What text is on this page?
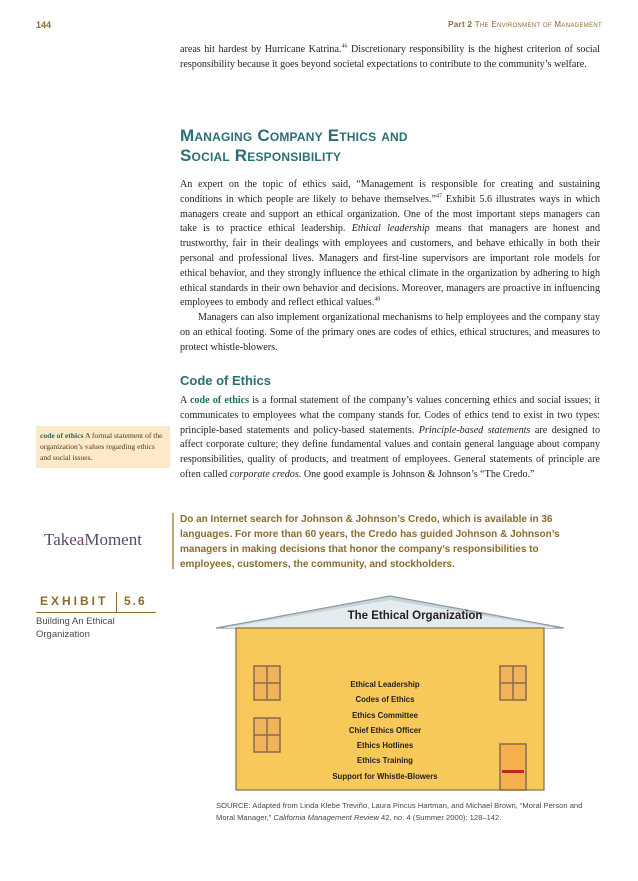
144	Part 2 The Environment of Management

areas hit hardest by Hurricane Katrina.$^{46}$ Discretionary responsibility is the highest criterion of social responsibility because it goes beyond societal expectations to contribute to the community’s welfare.

Managing Company Ethics and
Social Responsibility

An expert on the topic of ethics said, “Management is responsible for creating and sustaining conditions in which people are likely to behave themselves.”$^{47}$ Exhibit 5.6 illustrates ways in which managers create and support an ethical organization. One of the most important steps managers can take is to practice ethical leadership. Ethical leadership means that managers are honest and trustworthy, fair in their dealings with employees and customers, and behave ethically in both their personal and professional lives. Managers and first-line supervisors are important role models for ethical behavior, and they strongly influence the ethical climate in the organization by adhering to high ethical standards in their own behavior and decisions. Moreover, managers are proactive in influencing employees to embody and reflect ethical values.$^{48}$

Managers can also implement organizational mechanisms to help employees and the company stay on an ethical footing. Some of the primary ones are codes of ethics, ethical structures, and measures to protect whistle-blowers.

Code of Ethics

A code of ethics is a formal statement of the company’s values concerning ethics and social issues; it communicates to employees what the company stands for. Codes of ethics tend to exist in two types: principle-based statements and policy-based statements. Principle-based statements are designed to affect corporate culture; they define fundamental values and contain general language about company responsibilities, quality of products, and treatment of employees. General statements of principle are often called corporate credos. One good example is Johnson & Johnson’s “The Credo.”

code of ethics A formal statement of the organization’s values regarding ethics and social issues.
TakeaMoment
Do an Internet search for Johnson & Johnson’s Credo, which is available in 36 languages. For more than 60 years, the Credo has guided Johnson & Johnson’s managers in making decisions that honor the company’s responsibilities to employees, customers, the community, and stockholders.
EXHIBIT 5.6
Building An Ethical Organization
The Ethical Organization
Ethical Leadership
Codes of Ethics
Ethics Committee
Chief Ethics Officer
Ethics Hotlines
Ethics Training
Support for Whistle-Blowers
SOURCE: Adapted from Linda Klebe Treviño, Laura Pincus Hartman, and Michael Brown, “Moral Person and Moral Manager,” California Management Review 42, no. 4 (Summer 2000): 128–142.
